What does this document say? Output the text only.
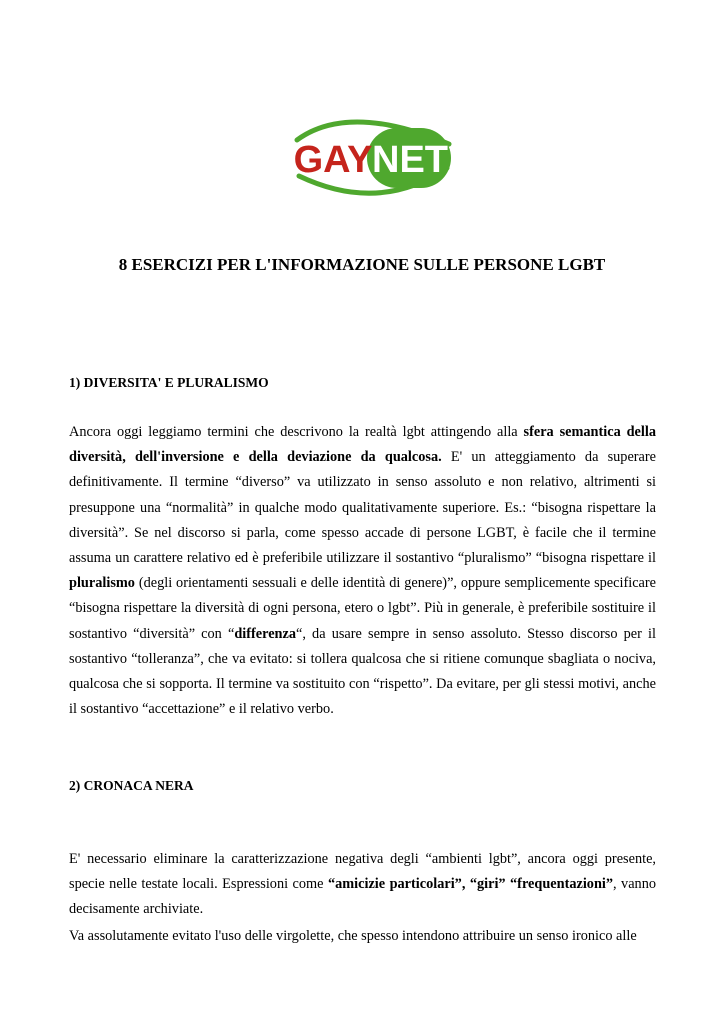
GAY NET
8 ESERCIZI PER L'INFORMAZIONE SULLE PERSONE LGBT
1) DIVERSITA' E PLURALISMO

Ancora oggi leggiamo termini che descrivono la realtà lgbt attingendo alla sfera semantica della diversità, dell'inversione e della deviazione da qualcosa. E' un atteggiamento da superare definitivamente. Il termine “diverso” va utilizzato in senso assoluto e non relativo, altrimenti si presuppone una “normalità” in qualche modo qualitativamente superiore. Es.: “bisogna rispettare la diversità”. Se nel discorso si parla, come spesso accade di persone LGBT, è facile che il termine assuma un carattere relativo ed è preferibile utilizzare il sostantivo “pluralismo” “bisogna rispettare il pluralismo (degli orientamenti sessuali e delle identità di genere)”, oppure semplicemente specificare “bisogna rispettare la diversità di ogni persona, etero o lgbt”. Più in generale, è preferibile sostituire il sostantivo “diversità” con “differenza“, da usare sempre in senso assoluto. Stesso discorso per il sostantivo “tolleranza”, che va evitato: si tollera qualcosa che si ritiene comunque sbagliata o nociva, qualcosa che si sopporta. Il termine va sostituito con “rispetto”. Da evitare, per gli stessi motivi, anche il sostantivo “accettazione” e il relativo verbo.

2) CRONACA NERA

E' necessario eliminare la caratterizzazione negativa degli “ambienti lgbt”, ancora oggi presente, specie nelle testate locali. Espressioni come “amicizie particolari”, “giri” “frequentazioni”, vanno decisamente archiviate.

Va assolutamente evitato l'uso delle virgolette, che spesso intendono attribuire un senso ironico alle
